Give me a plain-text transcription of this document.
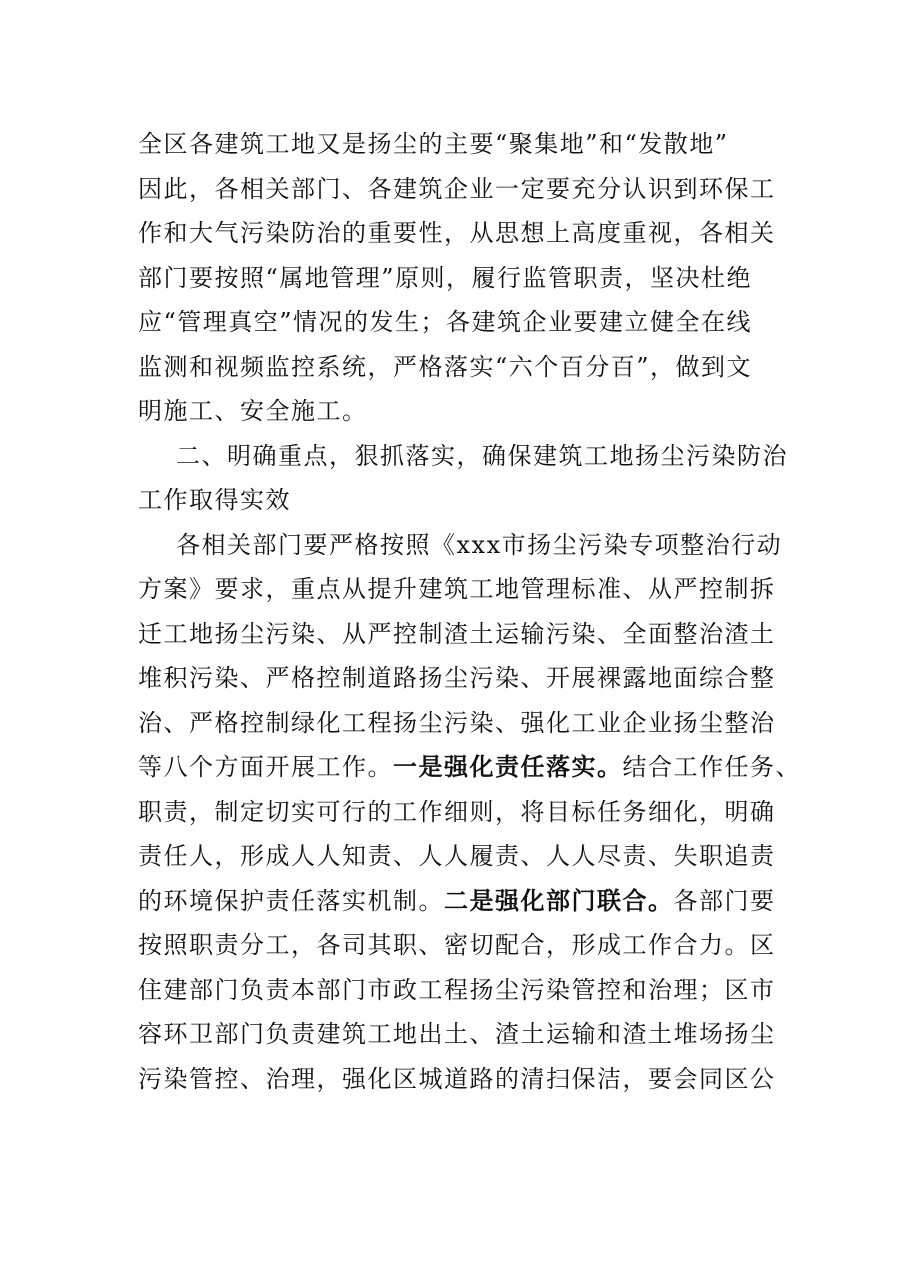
全区各建筑工地又是扬尘的主要“聚集地”和“发散地”
因此，各相关部门、各建筑企业一定要充分认识到环保工
作和大气污染防治的重要性，从思想上高度重视，各相关
部门要按照“属地管理”原则，履行监管职责，坚决杜绝
应“管理真空”情况的发生；各建筑企业要建立健全在线
监测和视频监控系统，严格落实“六个百分百”，做到文
明施工、安全施工。
二、明确重点，狠抓落实，确保建筑工地扬尘污染防治
工作取得实效
各相关部门要严格按照《xxx市扬尘污染专项整治行动
方案》要求，重点从提升建筑工地管理标准、从严控制拆
迁工地扬尘污染、从严控制渣土运输污染、全面整治渣土
堆积污染、严格控制道路扬尘污染、开展裸露地面综合整
治、严格控制绿化工程扬尘污染、强化工业企业扬尘整治
等八个方面开展工作。一是强化责任落实。结合工作任务、
职责，制定切实可行的工作细则，将目标任务细化，明确
责任人，形成人人知责、人人履责、人人尽责、失职追责
的环境保护责任落实机制。二是强化部门联合。各部门要
按照职责分工，各司其职、密切配合，形成工作合力。区
住建部门负责本部门市政工程扬尘污染管控和治理；区市
容环卫部门负责建筑工地出土、渣土运输和渣土堆场扬尘
污染管控、治理，强化区城道路的清扫保洁，要会同区公
